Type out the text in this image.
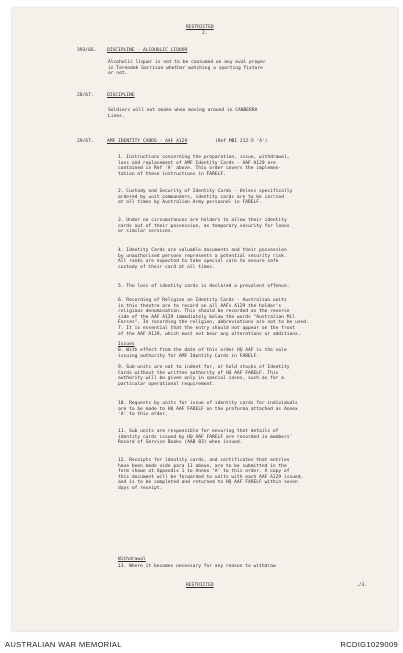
RESTRICTED
2.
393/66. DISCIPLINE - ALCOHOLIC LIQUOR
Alcoholic liquor is not to be consumed on any oval proper
in Terendak Garrison whether watching a sporting fixture
or not.
28/67.	DISCIPLINE
Soldiers will not smoke when moving around in CANBERRA
Lines.
29/67.	AMF IDENTITY CARDS - AAF A129	(Ref MBI 212-5 'A')
1. Instructions concerning the preparation, issue, withdrawal,
loss and replacement of AMF Identity Cards - AAF A129 are
contained in Ref 'A' above. This order covers the implemen-
tation of these instructions in FARELF.
2. Custody and Security of Identity Cards - Unless specifically
ordered by unit commanders, identity cards are to be carried
at all times by Australian Army personnel in FARELF.
3. Under no circumstances are holders to allow their identity
cards out of their possession, as temporary security for loans
or similar services.
4. Identity Cards are valuable documents and their possession
by unauthorised persons represents a potential security risk.
All ranks are expected to take special care to ensure safe
custody of their card at all times.
5. The loss of identity cards is declared a prevalent offence.
6. Recording of Religion on Identity Cards - Australian units
in this theatre are to record on all AAFs A129 the holder's
religious denomination. This should be recorded on the reverse
side of the AAF A129 immediately below the words "Australian Mil
Forces". In recording the religion, abbreviations are not to be used.
7. It is essential that the entry should not appear on the front
of the AAF A129, which must not bear any alterations or additions.
Issues
8. With effect from the date of this order HQ AAF is the sole
issuing authority for AMF Identity Cards in FARELF.
9. Sub-units are not to indent for, or hold stocks of Identity
Cards without the written authority of HQ AAF FARELF. This
authority will be given only in special cases, such as for a
particular operational requirement.
10. Requests by units for issue of identity cards for individuals
are to be made to HQ AAF FARELF on the proforma attached as Annex
'A' to this order.
11. Sub units are responsible for ensuring that details of
identity cards issued by HQ AAF FARELF are recorded in members'
Record of Service Books (AAB 83) when issued.
12. Receipts for identity cards, and certificates that entries
have been made vide para 11 above, are to be submitted in the
form shown at Appendix 1 to Annex 'A' to this order. A copy of
this document will be forwarded to units with each AAF A129 issued,
and is to be completed and returned to HQ AAF FARELF within seven
days of receipt.
Withdrawal
13. Where it becomes necessary for any reason to withdraw
RESTRICTED	./3.
AUSTRALIAN WAR MEMORIAL	RCDIG1029009
